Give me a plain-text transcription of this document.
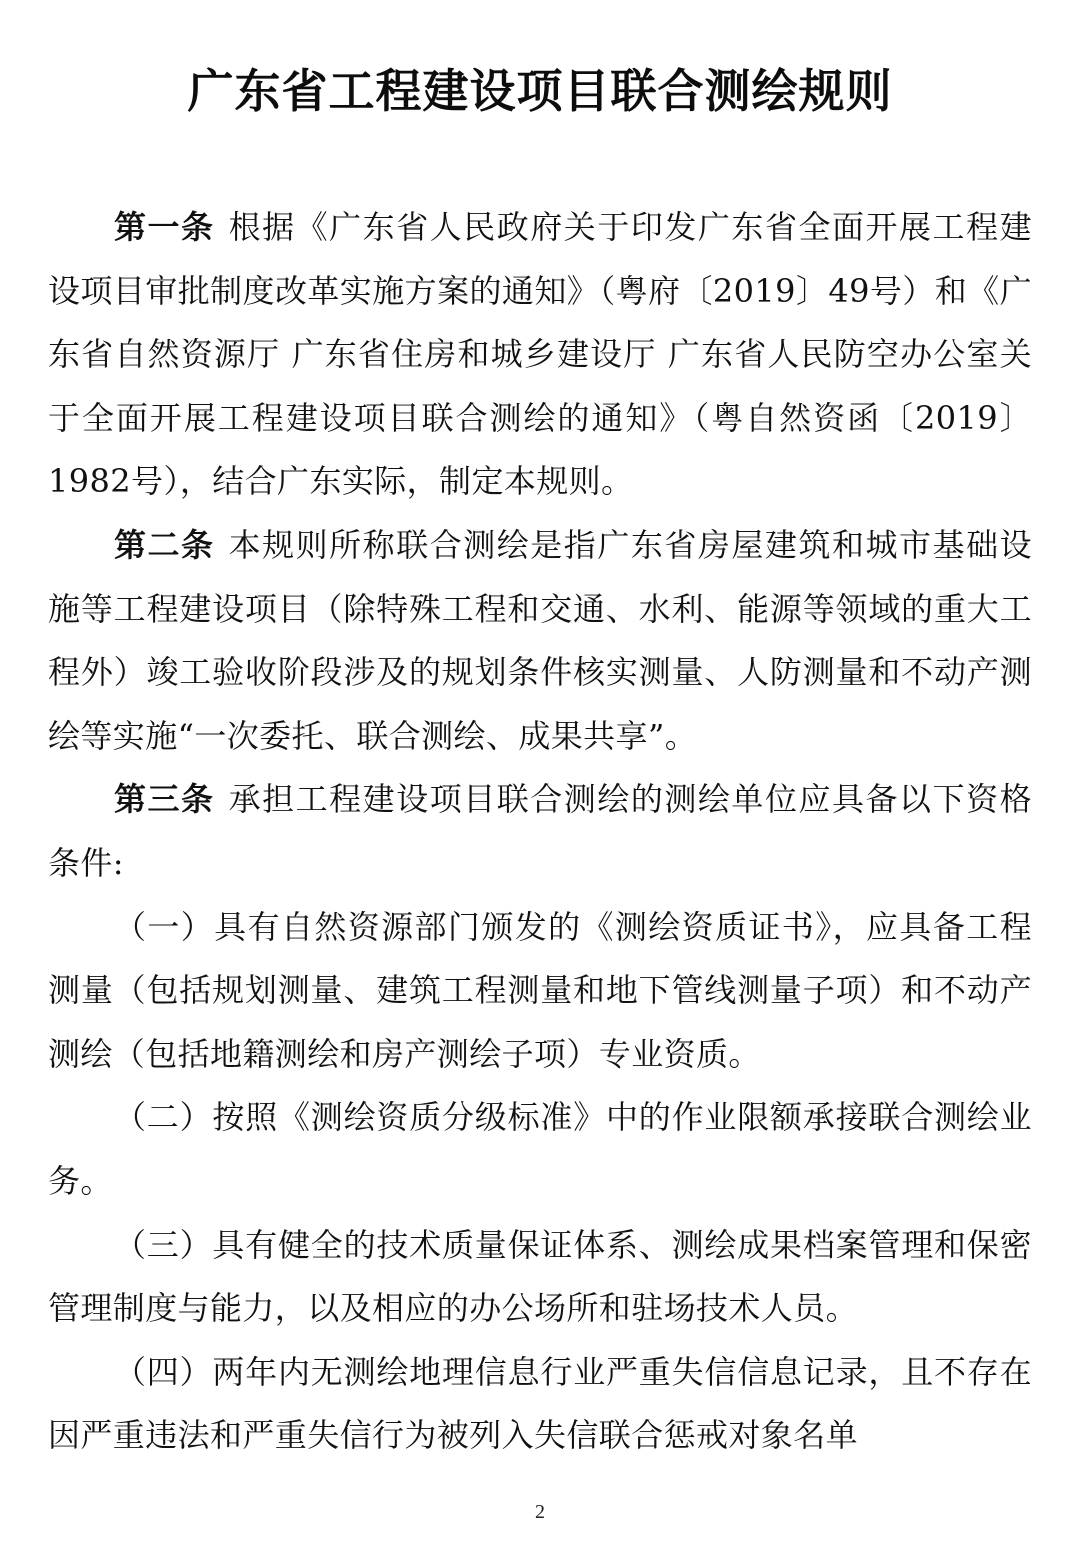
广东省工程建设项目联合测绘规则

第一条 根据《广东省人民政府关于印发广东省全面开展工程建设项目审批制度改革实施方案的通知》（粤府〔2019〕49号）和《广东省自然资源厅 广东省住房和城乡建设厅 广东省人民防空办公室关于全面开展工程建设项目联合测绘的通知》（粤自然资函〔2019〕1982号），结合广东实际，制定本规则。

第二条 本规则所称联合测绘是指广东省房屋建筑和城市基础设施等工程建设项目（除特殊工程和交通、水利、能源等领域的重大工程外）竣工验收阶段涉及的规划条件核实测量、人防测量和不动产测绘等实施“一次委托、联合测绘、成果共享”。

第三条 承担工程建设项目联合测绘的测绘单位应具备以下资格条件:

（一）具有自然资源部门颁发的《测绘资质证书》，应具备工程测量（包括规划测量、建筑工程测量和地下管线测量子项）和不动产测绘（包括地籍测绘和房产测绘子项）专业资质。

（二）按照《测绘资质分级标准》中的作业限额承接联合测绘业务。

（三）具有健全的技术质量保证体系、测绘成果档案管理和保密管理制度与能力，以及相应的办公场所和驻场技术人员。

（四）两年内无测绘地理信息行业严重失信信息记录，且不存在因严重违法和严重失信行为被列入失信联合惩戒对象名单

2
